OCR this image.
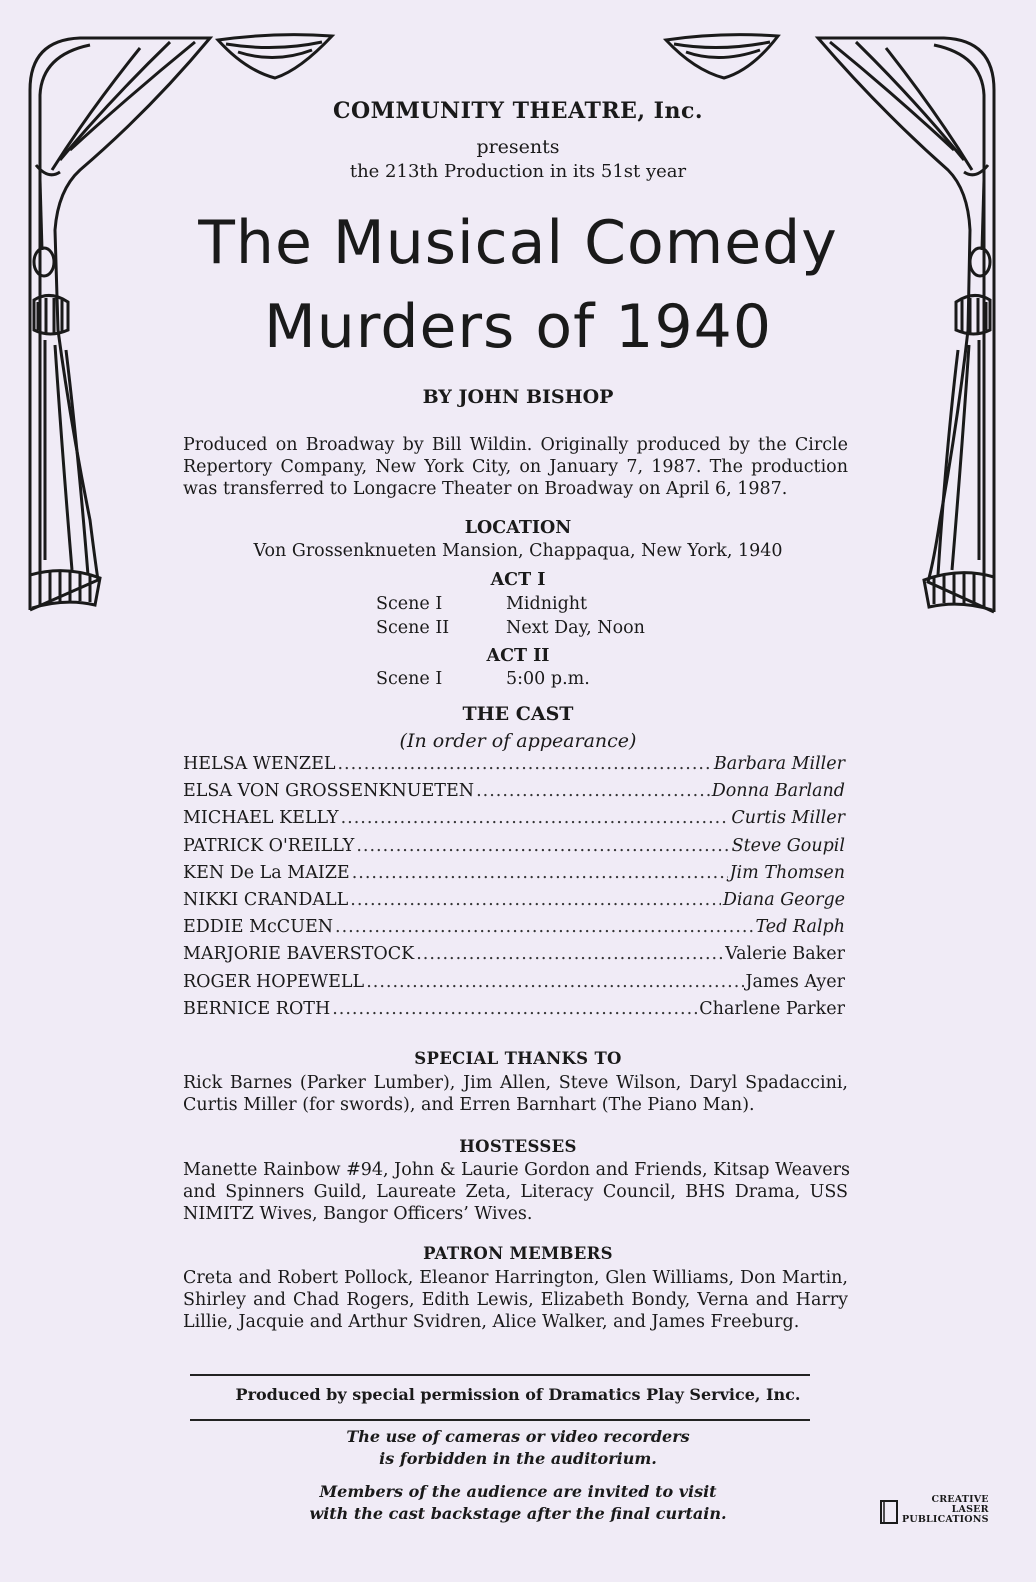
COMMUNITY THEATRE, Inc.
presents
the 213th Production in its 51st year
The Musical Comedy
Murders of 1940
BY JOHN BISHOP
Produced on Broadway by Bill Wildin. Originally produced by the Circle
Repertory Company, New York City, on January 7, 1987. The production
was transferred to Longacre Theater on Broadway on April 6, 1987.
LOCATION
Von Grossenknueten Mansion, Chappaqua, New York, 1940
ACT I
Scene I	Midnight
Scene II	Next Day, Noon
ACT II
Scene I	5:00 p.m.
THE CAST
(In order of appearance)
HELSA WENZEL .....	Barbara Miller
ELSA VON GROSSENKNUETEN .....	Donna Barland
MICHAEL KELLY .....	Curtis Miller
PATRICK O'REILLY .....	Steve Goupil
KEN De La MAIZE .....	Jim Thomsen
NIKKI CRANDALL .....	Diana George
EDDIE McCUEN .....	Ted Ralph
MARJORIE BAVERSTOCK .....	Valerie Baker
ROGER HOPEWELL .....	James Ayer
BERNICE ROTH .....	Charlene Parker
SPECIAL THANKS TO
Rick Barnes (Parker Lumber), Jim Allen, Steve Wilson, Daryl Spadaccini,
Curtis Miller (for swords), and Erren Barnhart (The Piano Man).
HOSTESSES
Manette Rainbow #94, John & Laurie Gordon and Friends, Kitsap Weavers
and Spinners Guild, Laureate Zeta, Literacy Council, BHS Drama, USS
NIMITZ Wives, Bangor Officers’ Wives.
PATRON MEMBERS
Creta and Robert Pollock, Eleanor Harrington, Glen Williams, Don Martin,
Shirley and Chad Rogers, Edith Lewis, Elizabeth Bondy, Verna and Harry
Lillie, Jacquie and Arthur Svidren, Alice Walker, and James Freeburg.
Produced by special permission of Dramatics Play Service, Inc.
The use of cameras or video recorders
is forbidden in the auditorium.
Members of the audience are invited to visit
with the cast backstage after the final curtain.
CREATIVE
LASER
PUBLICATIONS
